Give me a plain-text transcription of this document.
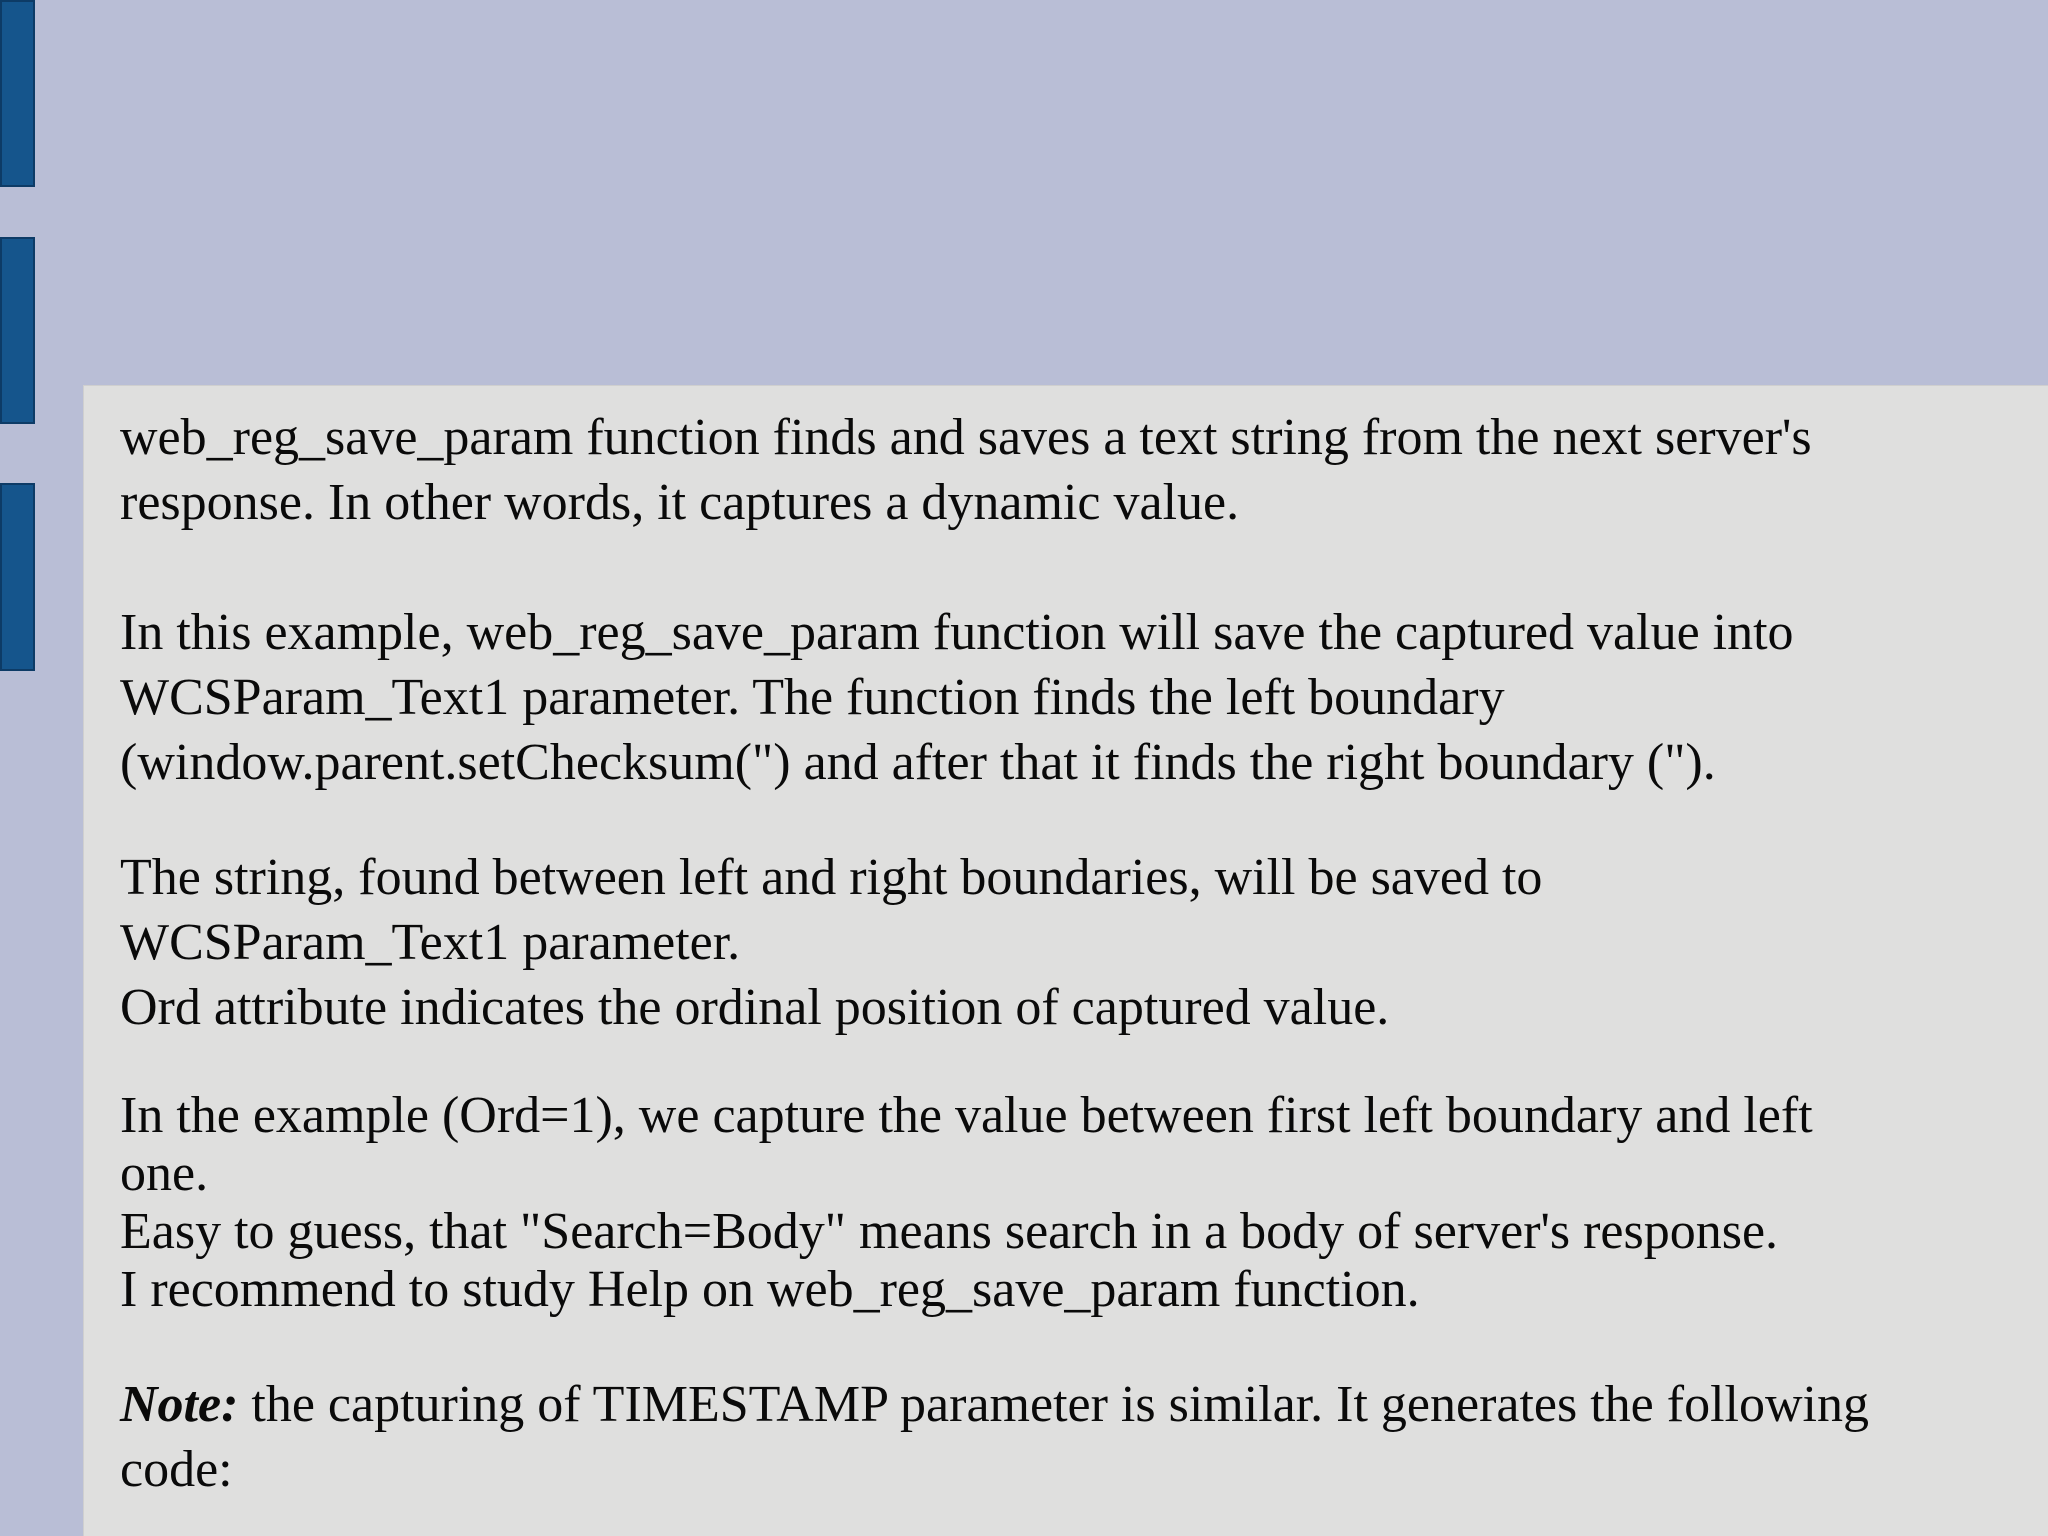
web_reg_save_param function finds and saves a text string from the next server's

response. In other words, it captures a dynamic value.

In this example, web_reg_save_param function will save the captured value into

WCSParam_Text1 parameter. The function finds the left boundary

(window.parent.setChecksum(") and after that it finds the right boundary (").

The string, found between left and right boundaries, will be saved to

WCSParam_Text1 parameter.

Ord attribute indicates the ordinal position of captured value.

In the example (Ord=1), we capture the value between first left boundary and left

one.

Easy to guess, that "Search=Body" means search in a body of server's response.

I recommend to study Help on web_reg_save_param function.

Note: the capturing of TIMESTAMP parameter is similar. It generates the following

code:
